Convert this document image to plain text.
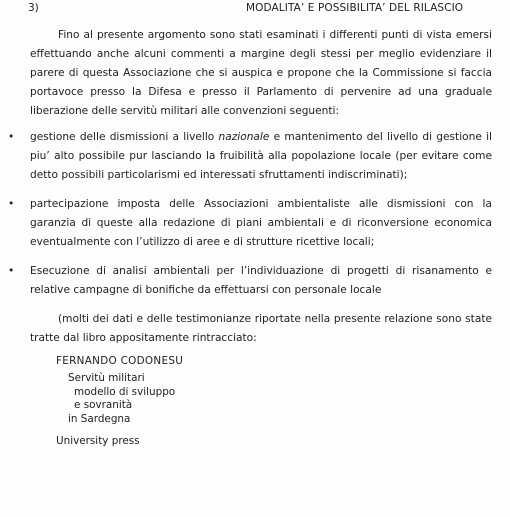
3)	MODALITA’ E POSSIBILITA’ DEL RILASCIO

Fino al presente argomento sono stati esaminati i differenti punti di vista emersi effettuando anche alcuni commenti a margine degli stessi per meglio evidenziare il parere di questa Associazione che si auspica e propone che la Commissione si faccia portavoce presso la Difesa e presso il Parlamento di pervenire ad una graduale liberazione delle servitù militari alle convenzioni seguenti:

• gestione delle dismissioni a livello nazionale e mantenimento del livello di gestione il piu’ alto possibile pur lasciando la fruibilità alla popolazione locale (per evitare come detto possibili particolarismi ed interessati sfruttamenti indiscriminati);
• partecipazione imposta delle Associazioni ambientaliste alle dismissioni con la garanzia di queste alla redazione di piani ambientali e di riconversione economica eventualmente con l’utilizzo di aree e di strutture ricettive locali;
• Esecuzione di analisi ambientali per l’individuazione di progetti di risanamento e relative campagne di bonifiche da effettuarsi con personale locale

(molti dei dati e delle testimonianze riportate nella presente relazione sono state tratte dal libro appositamente rintracciato:

FERNANDO CODONESU
Servitù militari
modello di sviluppo
e sovranità
in Sardegna
University press
